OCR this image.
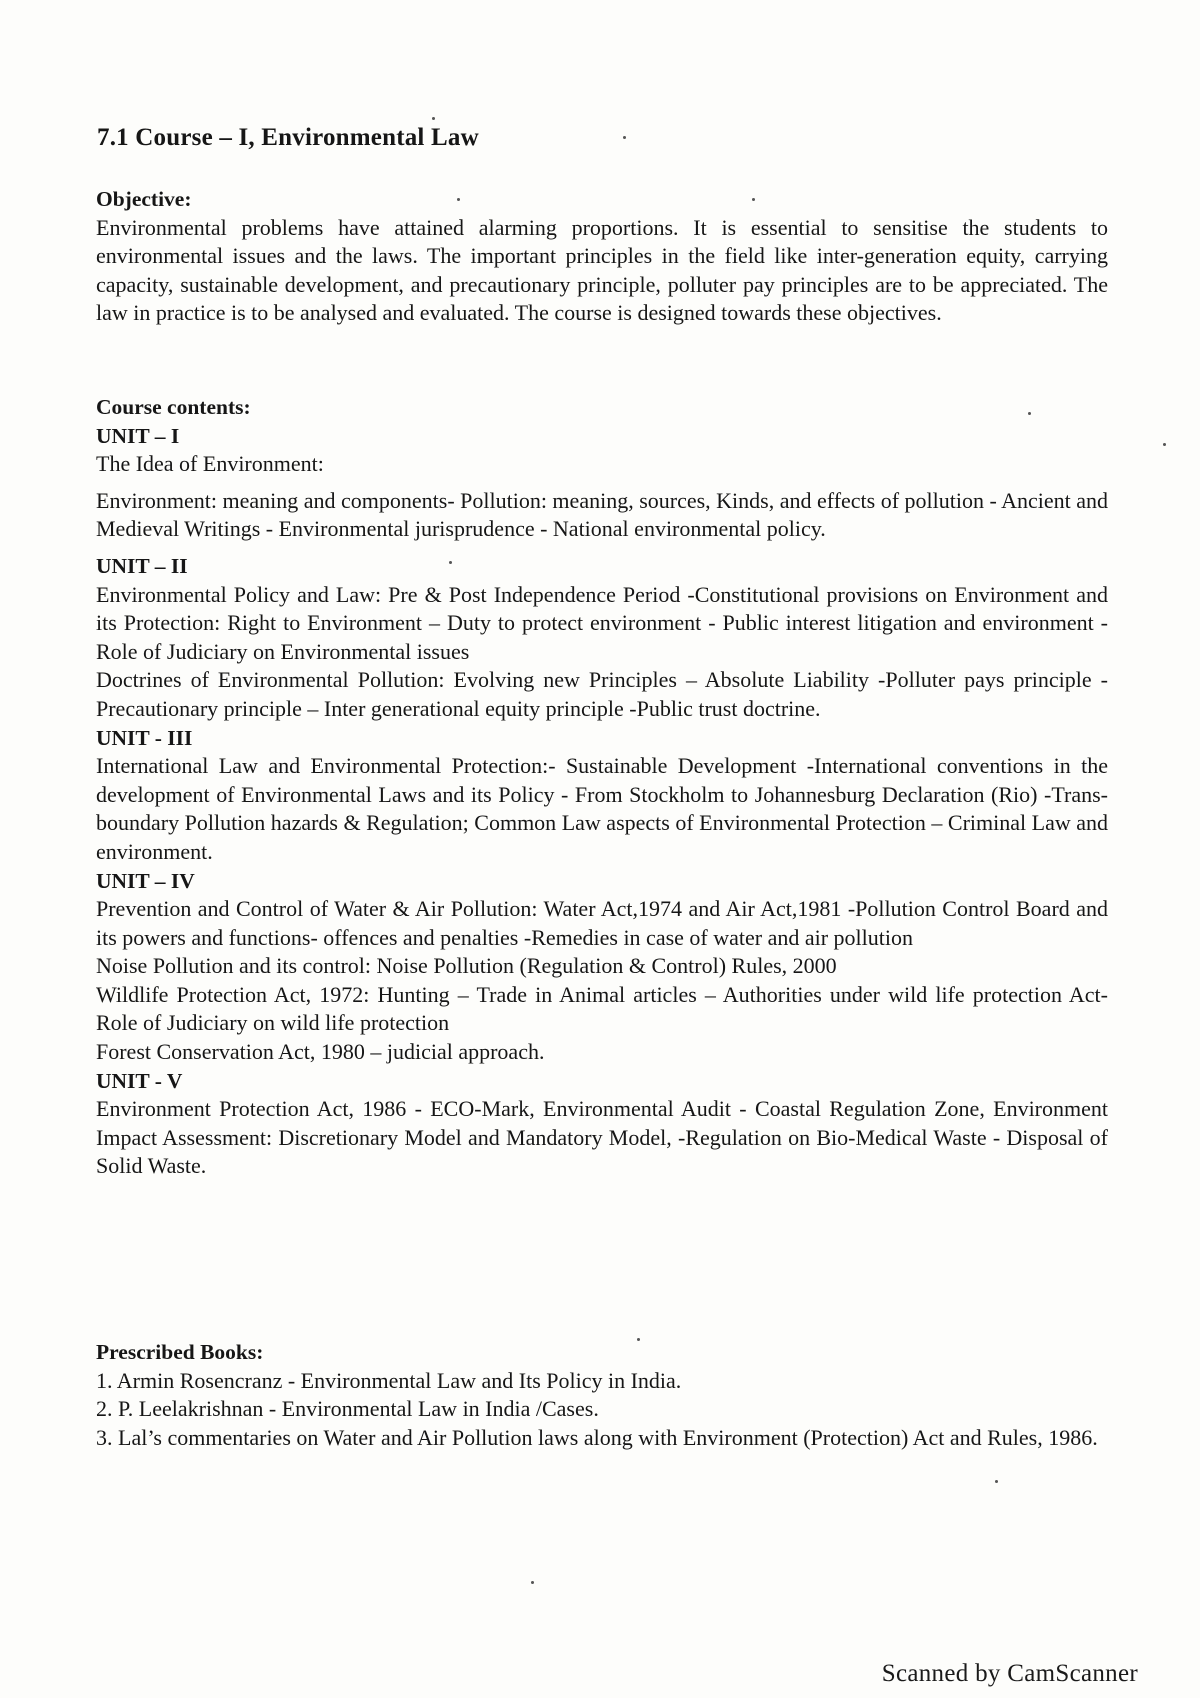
7.1 Course – I, Environmental Law
Objective:

Environmental problems have attained alarming proportions. It is essential to sensitise the students to environmental issues and the laws. The important principles in the field like inter-generation equity, carrying capacity, sustainable development, and precautionary principle, polluter pay principles are to be appreciated. The law in practice is to be analysed and evaluated. The course is designed towards these objectives.

Course contents:
UNIT – I

The Idea of Environment:

Environment: meaning and components- Pollution: meaning, sources, Kinds, and effects of pollution - Ancient and Medieval Writings - Environmental jurisprudence - National environmental policy.

UNIT – II

Environmental Policy and Law: Pre & Post Independence Period -Constitutional provisions on Environment and its Protection: Right to Environment – Duty to protect environment - Public interest litigation and environment -Role of Judiciary on Environmental issues

Doctrines of Environmental Pollution: Evolving new Principles – Absolute Liability -Polluter pays principle - Precautionary principle – Inter generational equity principle -Public trust doctrine.

UNIT - III

International Law and Environmental Protection:- Sustainable Development -International conventions in the development of Environmental Laws and its Policy - From Stockholm to Johannesburg Declaration (Rio) -Trans-boundary Pollution hazards & Regulation; Common Law aspects of Environmental Protection – Criminal Law and environment.

UNIT – IV

Prevention and Control of Water & Air Pollution: Water Act,1974 and Air Act,1981 -Pollution Control Board and its powers and functions- offences and penalties -Remedies in case of water and air pollution

Noise Pollution and its control: Noise Pollution (Regulation & Control) Rules, 2000

Wildlife Protection Act, 1972: Hunting – Trade in Animal articles – Authorities under wild life protection Act- Role of Judiciary on wild life protection

Forest Conservation Act, 1980 – judicial approach.

UNIT - V

Environment Protection Act, 1986 - ECO-Mark, Environmental Audit - Coastal Regulation Zone, Environment Impact Assessment: Discretionary Model and Mandatory Model, -Regulation on Bio-Medical Waste - Disposal of Solid Waste.

Prescribed Books:
1. Armin Rosencranz - Environmental Law and Its Policy in India.
2. P. Leelakrishnan - Environmental Law in India /Cases.
3. Lal’s commentaries on Water and Air Pollution laws along with Environment (Protection) Act and Rules, 1986.
Scanned by CamScanner
